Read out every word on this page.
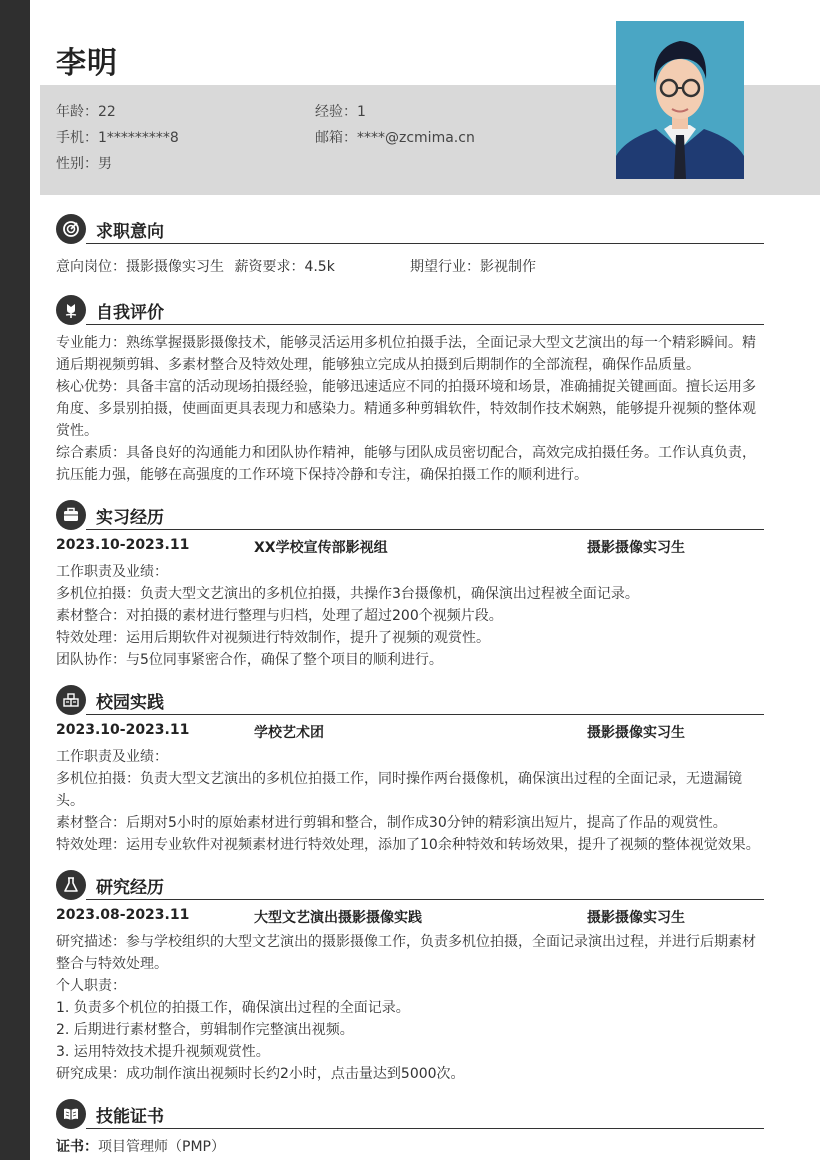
李明
年龄：22	经验：1
手机：1*********8	邮箱：****@zcmima.cn
性别：男
求职意向
意向岗位：摄影摄像实习生 薪资要求：4.5k	期望行业：影视制作
自我评价
专业能力：熟练掌握摄影摄像技术，能够灵活运用多机位拍摄手法，全面记录大型文艺演出的每一个精彩瞬间。精通后期视频剪辑、多素材整合及特效处理，能够独立完成从拍摄到后期制作的全部流程，确保作品质量。
核心优势：具备丰富的活动现场拍摄经验，能够迅速适应不同的拍摄环境和场景，准确捕捉关键画面。擅长运用多角度、多景别拍摄，使画面更具表现力和感染力。精通多种剪辑软件，特效制作技术娴熟，能够提升视频的整体观赏性。
综合素质：具备良好的沟通能力和团队协作精神，能够与团队成员密切配合，高效完成拍摄任务。工作认真负责，抗压能力强，能够在高强度的工作环境下保持冷静和专注，确保拍摄工作的顺利进行。
实习经历
2023.10-2023.11	XX学校宣传部影视组	摄影摄像实习生
工作职责及业绩：
多机位拍摄：负责大型文艺演出的多机位拍摄，共操作3台摄像机，确保演出过程被全面记录。
素材整合：对拍摄的素材进行整理与归档，处理了超过200个视频片段。
特效处理：运用后期软件对视频进行特效制作，提升了视频的观赏性。
团队协作：与5位同事紧密合作，确保了整个项目的顺利进行。
校园实践
2023.10-2023.11	学校艺术团	摄影摄像实习生
工作职责及业绩：
多机位拍摄：负责大型文艺演出的多机位拍摄工作，同时操作两台摄像机，确保演出过程的全面记录，无遗漏镜头。
素材整合：后期对5小时的原始素材进行剪辑和整合，制作成30分钟的精彩演出短片，提高了作品的观赏性。
特效处理：运用专业软件对视频素材进行特效处理，添加了10余种特效和转场效果，提升了视频的整体视觉效果。
研究经历
2023.08-2023.11	大型文艺演出摄影摄像实践	摄影摄像实习生
研究描述：参与学校组织的大型文艺演出的摄影摄像工作，负责多机位拍摄，全面记录演出过程，并进行后期素材整合与特效处理。
个人职责：
1. 负责多个机位的拍摄工作，确保演出过程的全面记录。
2. 后期进行素材整合，剪辑制作完整演出视频。
3. 运用特效技术提升视频观赏性。
研究成果：成功制作演出视频时长约2小时，点击量达到5000次。
技能证书
证书：项目管理师（PMP）
